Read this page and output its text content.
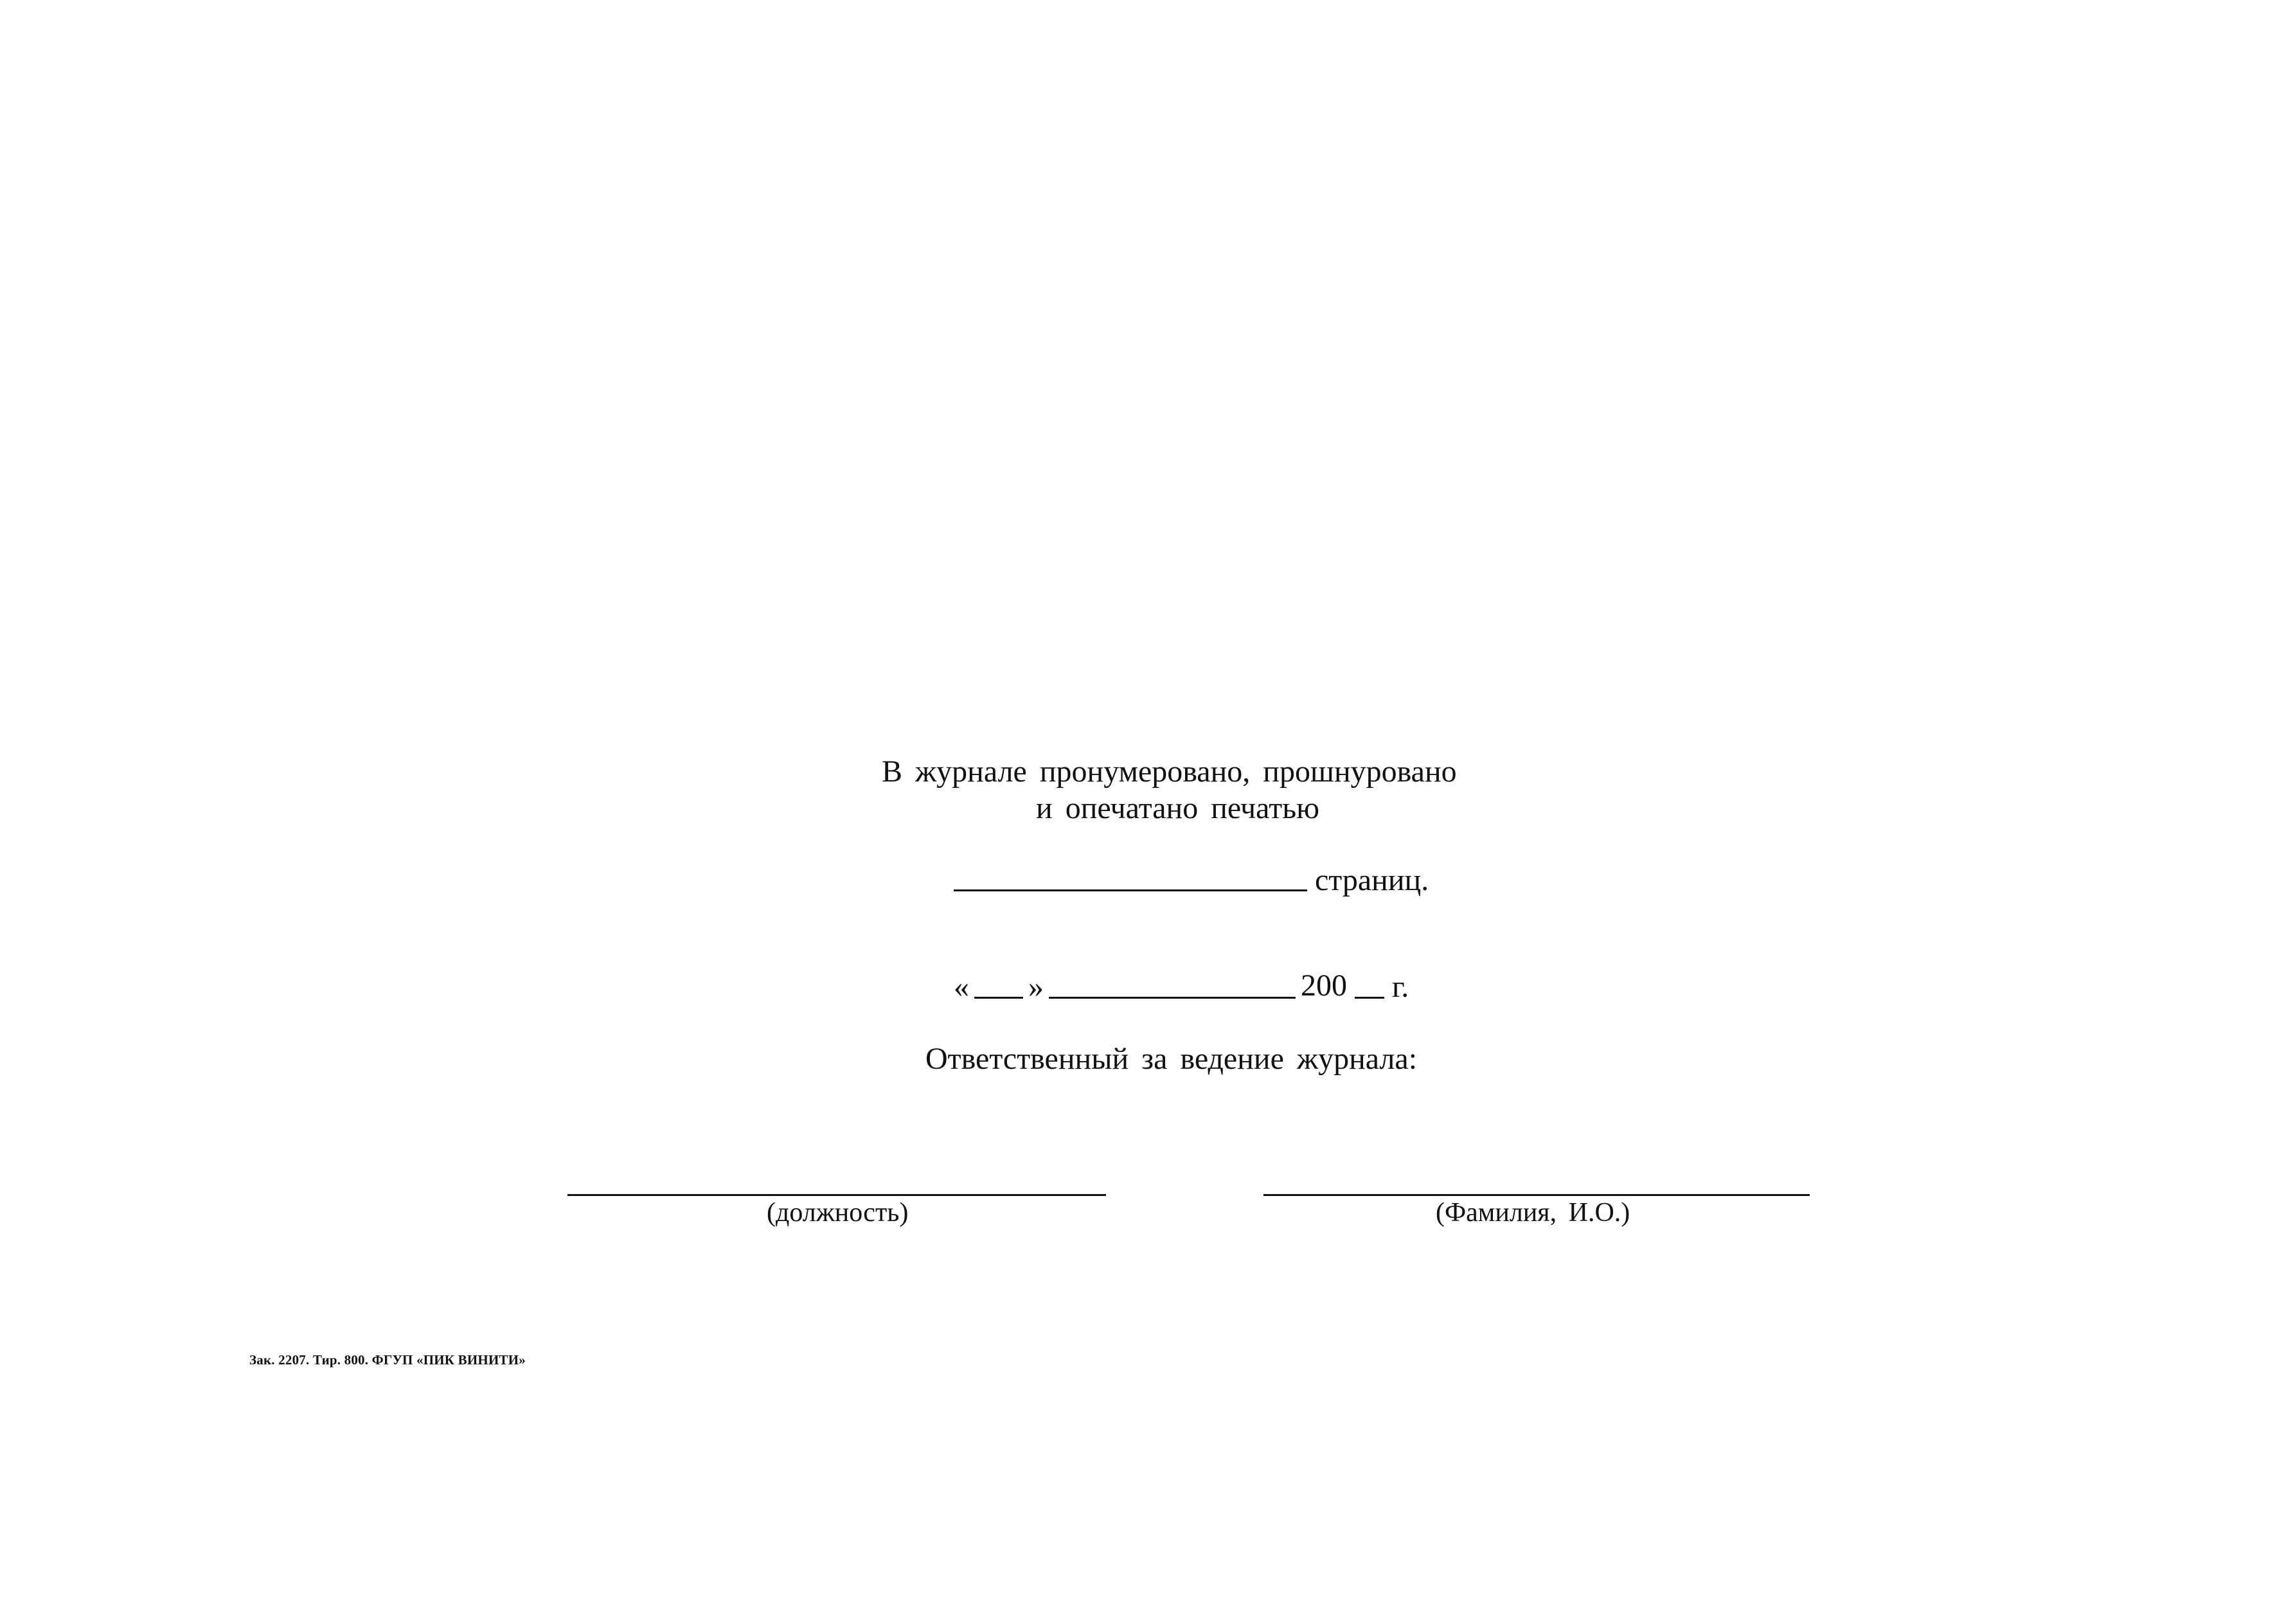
В журнале пронумеровано, прошнуровано
и опечатано печатью
страниц.
« »	200 г.
Ответственный за ведение журнала:
(должность)	(Фамилия, И.О.)
Зак. 2207. Тир. 800. ФГУП «ПИК ВИНИТИ»
